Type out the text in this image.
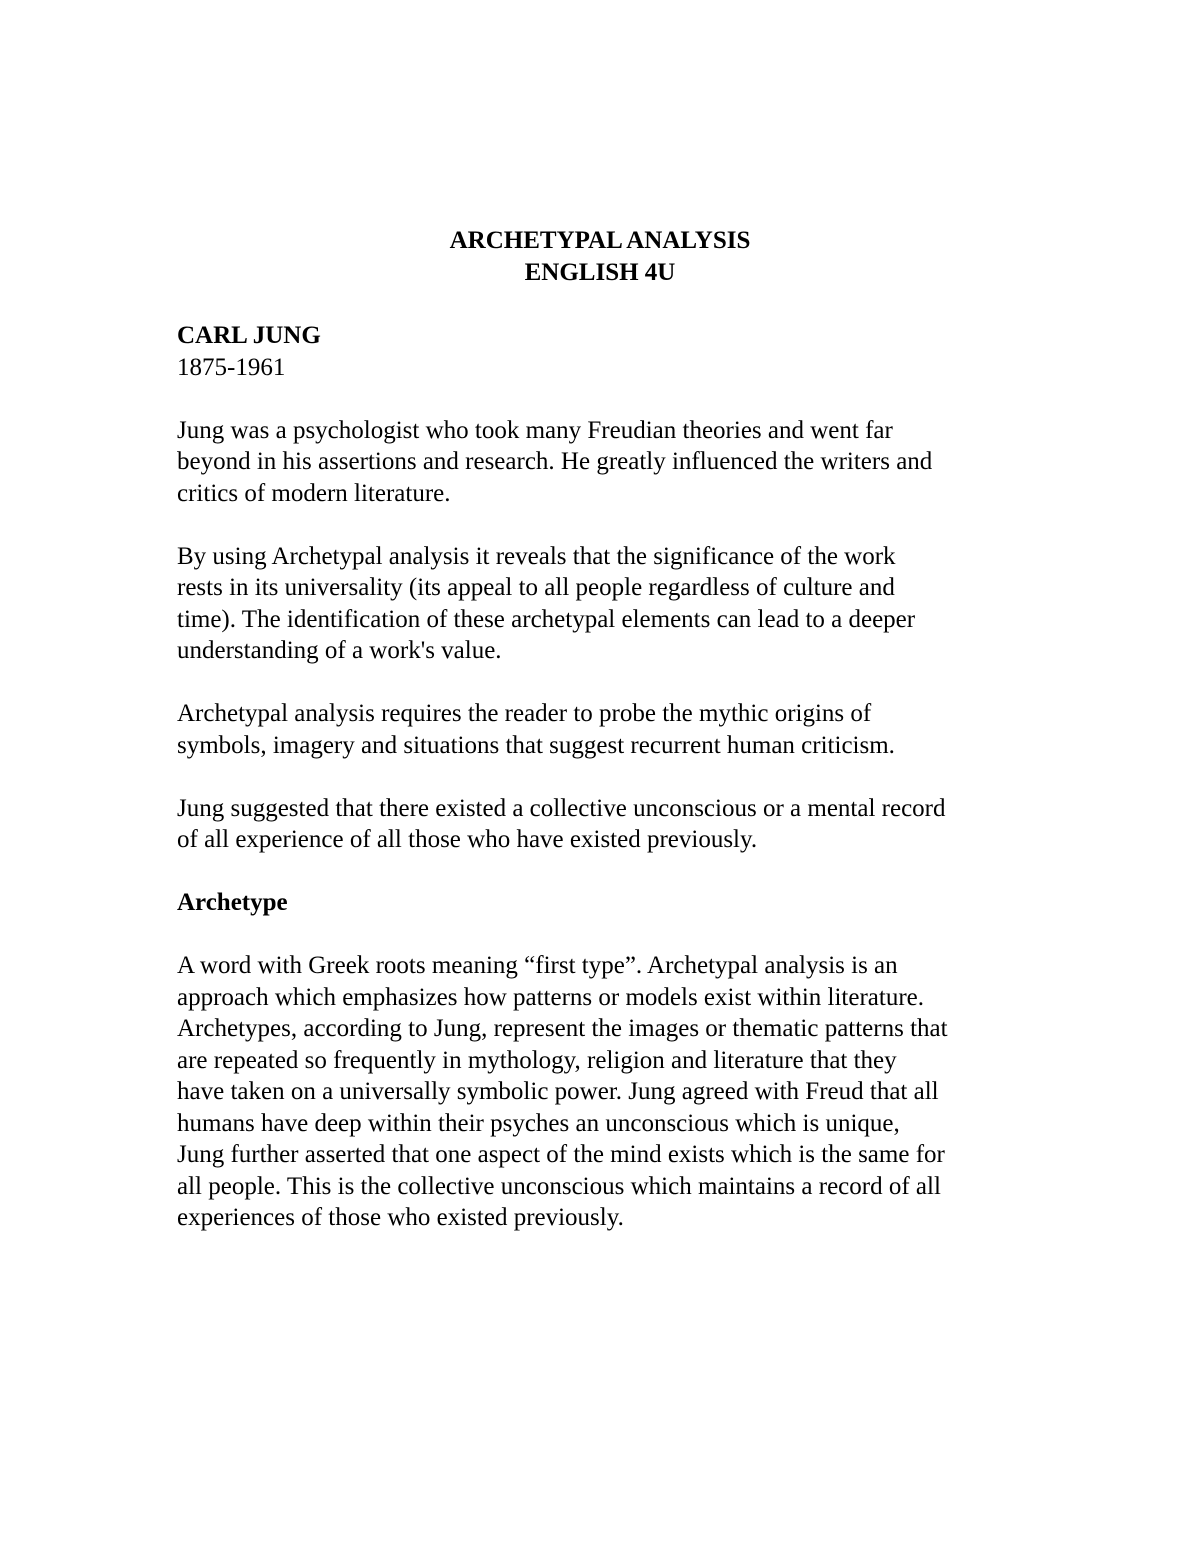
ARCHETYPAL ANALYSIS
ENGLISH 4U

CARL JUNG

1875-1961

Jung was a psychologist who took many Freudian theories and went far
beyond in his assertions and research. He greatly influenced the writers and
critics of modern literature.

By using Archetypal analysis it reveals that the significance of the work
rests in its universality (its appeal to all people regardless of culture and
time). The identification of these archetypal elements can lead to a deeper
understanding of a work's value.

Archetypal analysis requires the reader to probe the mythic origins of
symbols, imagery and situations that suggest recurrent human criticism.

Jung suggested that there existed a collective unconscious or a mental record
of all experience of all those who have existed previously.

Archetype

A word with Greek roots meaning “first type”. Archetypal analysis is an
approach which emphasizes how patterns or models exist within literature.
Archetypes, according to Jung, represent the images or thematic patterns that
are repeated so frequently in mythology, religion and literature that they
have taken on a universally symbolic power. Jung agreed with Freud that all
humans have deep within their psyches an unconscious which is unique,
Jung further asserted that one aspect of the mind exists which is the same for
all people. This is the collective unconscious which maintains a record of all
experiences of those who existed previously.
